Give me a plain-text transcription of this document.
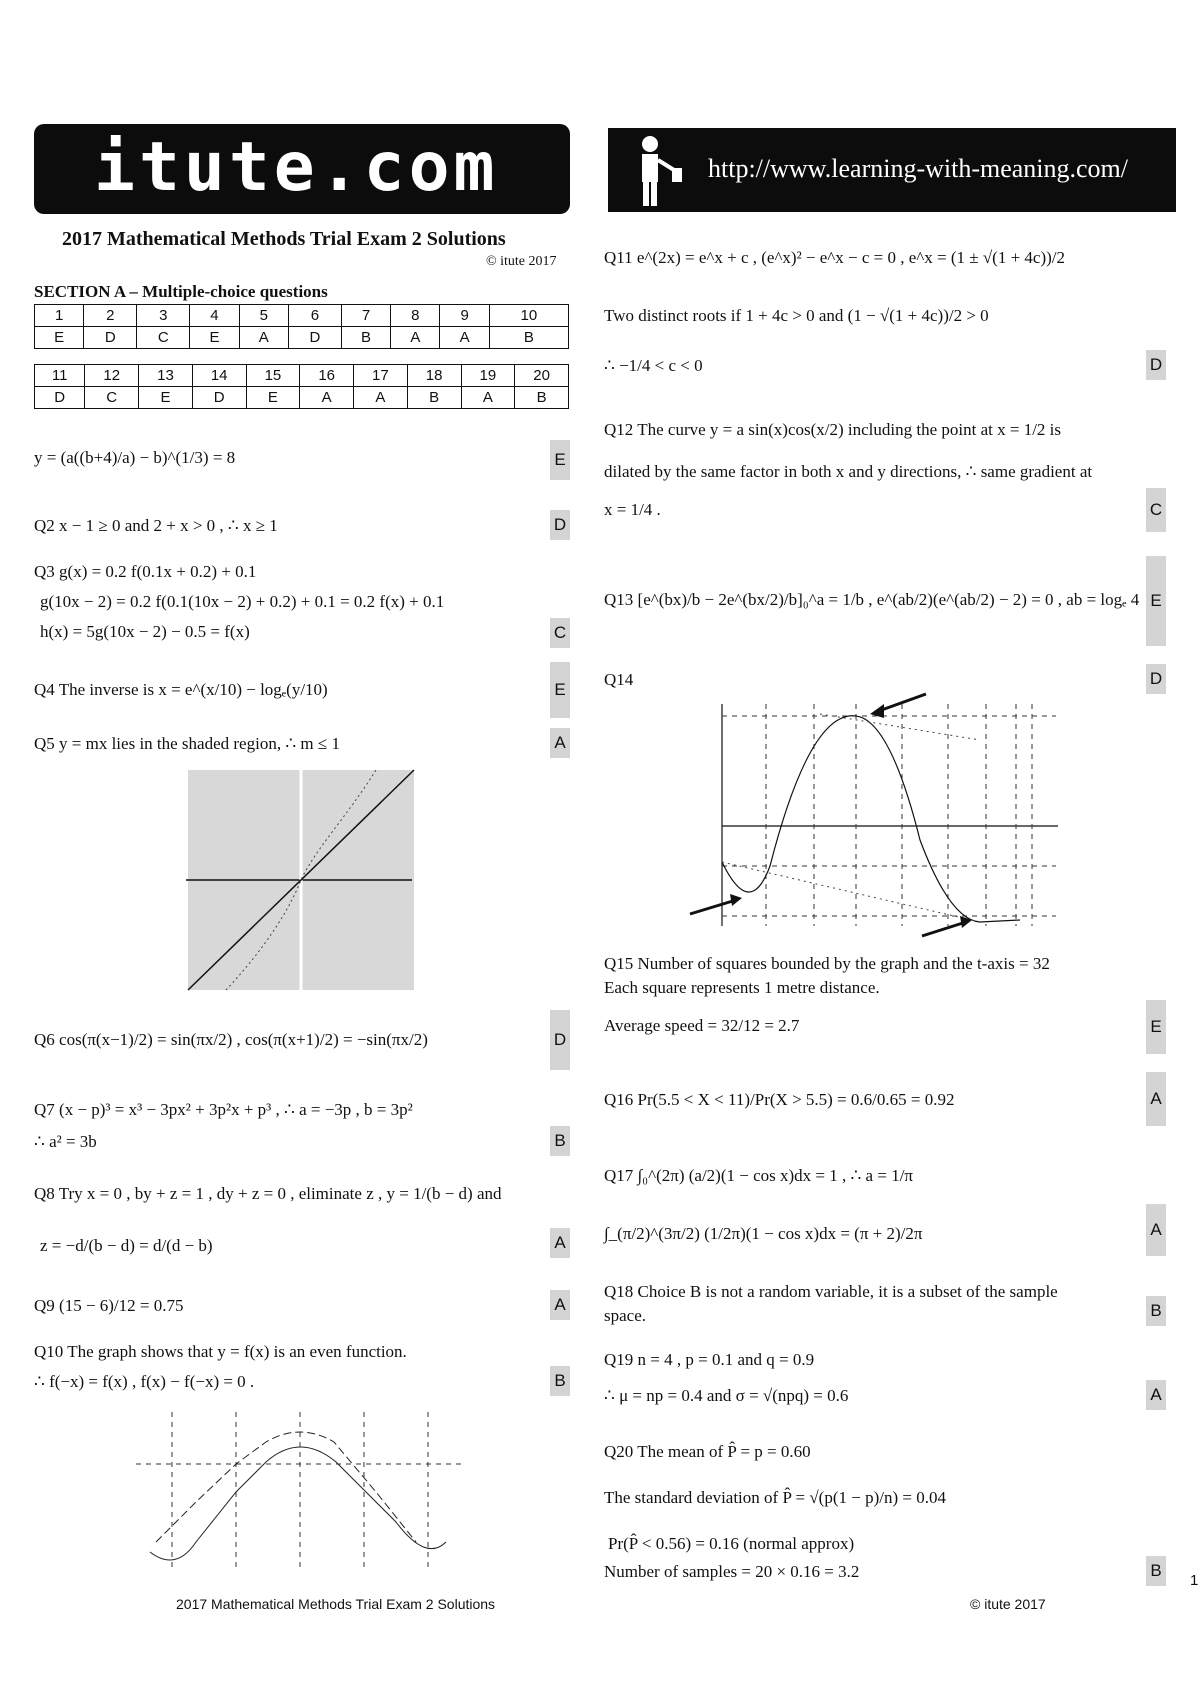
itute.com	http://www.learning-with-meaning.com/
2017 Mathematical Methods Trial Exam 2 Solutions
© itute 2017
SECTION A – Multiple-choice questions
1	2	3	4	5	6	7	8	9	10
E	D	C	E	A	D	B	A	A	B
11	12	13	14	15	16	17	18	19	20
D	C	E	D	E	A	A	B	A	B
y = (a((b+4)/a) − b)^(1/3) = 8	E
Q2 x − 1 ≥ 0 and 2 + x > 0 , ∴ x ≥ 1	D
Q3 g(x) = 0.2 f(0.1x + 0.2) + 0.1
g(10x − 2) = 0.2 f(0.1(10x − 2) + 0.2) + 0.1 = 0.2 f(x) + 0.1
h(x) = 5g(10x − 2) − 0.5 = f(x)	C
Q4 The inverse is x = e^(x/10) − logₑ(y/10)	E
Q5 y = mx lies in the shaded region, ∴ m ≤ 1	A
Q6 cos(π(x−1)/2) = sin(πx/2) , cos(π(x+1)/2) = −sin(πx/2)	D
Q7 (x − p)³ = x³ − 3px² + 3p²x + p³ , ∴ a = −3p , b = 3p²
∴ a² = 3b	B
Q8 Try x = 0 , by + z = 1 , dy + z = 0 , eliminate z , y = 1/(b − d) and
z = −d/(b − d) = d/(d − b)	A
Q9 (15 − 6)/12 = 0.75	A
Q10 The graph shows that y = f(x) is an even function.
∴ f(−x) = f(x) , f(x) − f(−x) = 0 .	B
Q11 e^(2x) = e^x + c , (e^x)² − e^x − c = 0 , e^x = (1 ± √(1 + 4c))/2
Two distinct roots if 1 + 4c > 0 and (1 − √(1 + 4c))/2 > 0
∴ −1/4 < c < 0	D
Q12 The curve y = a sin(x)cos(x/2) including the point at x = 1/2 is
dilated by the same factor in both x and y directions, ∴ same gradient at
x = 1/4 .	C
Q13 [e^(bx)/b − 2e^(bx/2)/b]₀^a = 1/b , e^(ab/2)(e^(ab/2) − 2) = 0 , ab = logₑ 4 E
Q14	D
Q15 Number of squares bounded by the graph and the t-axis = 32
Each square represents 1 metre distance.
Average speed = 32/12 = 2.7	E
Q16 Pr(5.5 < X < 11)/Pr(X > 5.5) = 0.6/0.65 = 0.92	A
Q17 ∫₀^(2π) (a/2)(1 − cos x)dx = 1 , ∴ a = 1/π
∫_(π/2)^(3π/2) (1/2π)(1 − cos x)dx = (π + 2)/2π	A
Q18 Choice B is not a random variable, it is a subset of the sample
space.	B
Q19 n = 4 , p = 0.1 and q = 0.9
∴ μ = np = 0.4 and σ = √(npq) = 0.6	A
Q20 The mean of P̂ = p = 0.60
The standard deviation of P̂ = √(p(1 − p)/n) = 0.04
Pr(P̂ < 0.56) = 0.16 (normal approx)
Number of samples = 20 × 0.16 = 3.2	B
2017 Mathematical Methods Trial Exam 2 Solutions	© itute 2017
1
